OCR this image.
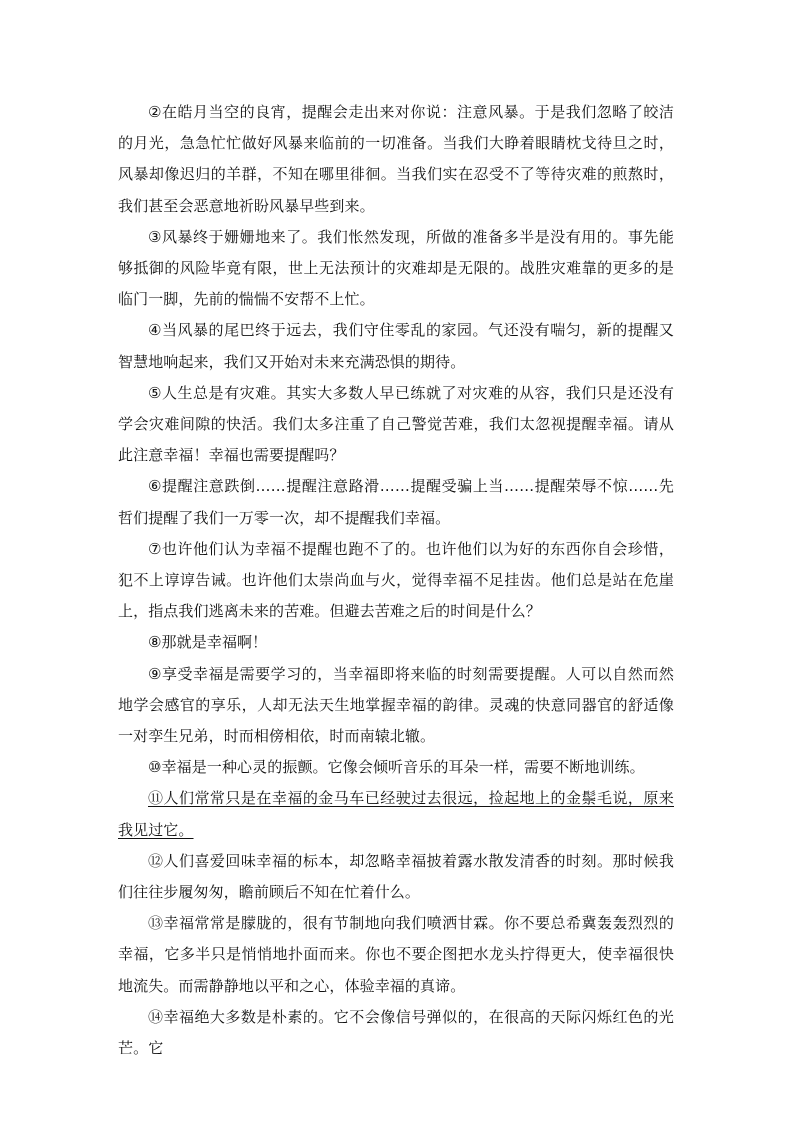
②在皓月当空的良宵，提醒会走出来对你说：注意风暴。于是我们忽略了皎洁的月光，急急忙忙做好风暴来临前的一切准备。当我们大睁着眼睛枕戈待旦之时，风暴却像迟归的羊群，不知在哪里徘徊。当我们实在忍受不了等待灾难的煎熬时，我们甚至会恶意地祈盼风暴早些到来。

③风暴终于姗姗地来了。我们怅然发现，所做的准备多半是没有用的。事先能够抵御的风险毕竟有限，世上无法预计的灾难却是无限的。战胜灾难靠的更多的是临门一脚，先前的惴惴不安帮不上忙。

④当风暴的尾巴终于远去，我们守住零乱的家园。气还没有喘匀，新的提醒又智慧地响起来，我们又开始对未来充满恐惧的期待。

⑤人生总是有灾难。其实大多数人早已练就了对灾难的从容，我们只是还没有学会灾难间隙的快活。我们太多注重了自己警觉苦难，我们太忽视提醒幸福。请从此注意幸福！幸福也需要提醒吗？

⑥提醒注意跌倒……提醒注意路滑……提醒受骗上当……提醒荣辱不惊……先哲们提醒了我们一万零一次，却不提醒我们幸福。

⑦也许他们认为幸福不提醒也跑不了的。也许他们以为好的东西你自会珍惜，犯不上谆谆告诫。也许他们太崇尚血与火，觉得幸福不足挂齿。他们总是站在危崖上，指点我们逃离未来的苦难。但避去苦难之后的时间是什么？

⑧那就是幸福啊！

⑨享受幸福是需要学习的，当幸福即将来临的时刻需要提醒。人可以自然而然地学会感官的享乐，人却无法天生地掌握幸福的韵律。灵魂的快意同器官的舒适像一对孪生兄弟，时而相傍相依，时而南辕北辙。

⑩幸福是一种心灵的振颤。它像会倾听音乐的耳朵一样，需要不断地训练。

⑪人们常常只是在幸福的金马车已经驶过去很远，捡起地上的金鬃毛说，原来我见过它。

⑫人们喜爱回味幸福的标本，却忽略幸福披着露水散发清香的时刻。那时候我们往往步履匆匆，瞻前顾后不知在忙着什么。

⑬幸福常常是朦胧的，很有节制地向我们喷洒甘霖。你不要总希冀轰轰烈烈的幸福，它多半只是悄悄地扑面而来。你也不要企图把水龙头拧得更大，使幸福很快地流失。而需静静地以平和之心，体验幸福的真谛。

⑭幸福绝大多数是朴素的。它不会像信号弹似的，在很高的天际闪烁红色的光芒。它
